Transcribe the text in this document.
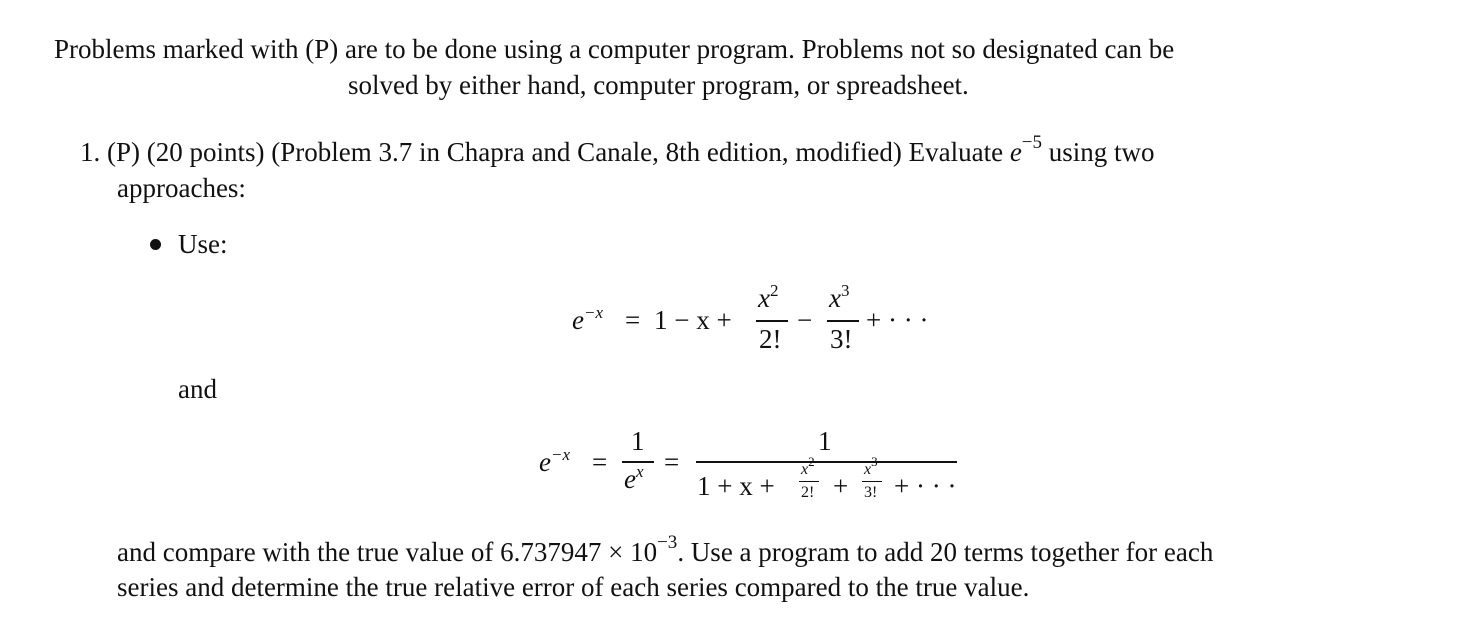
Problems marked with (P) are to be done using a computer program. Problems not so designated can be
solved by either hand, computer program, or spreadsheet.
1. (P) (20 points) (Problem 3.7 in Chapra and Canale, 8th edition, modified) Evaluate $e^{-5}$ using two
approaches:
Use:
$e^{-x} = 1 - x$ +
$x^2$
2!
−
$x^3$
3!
+ · · ·
and
$e^{-x}$ =
1
$e^x$ =
1
1 + x +
$x^2$
2! +
$x^3$
3! + · · ·
and compare with the true value of $6.737947 \times 10^{-3}$. Use a program to add 20 terms together for each
series and determine the true relative error of each series compared to the true value.
